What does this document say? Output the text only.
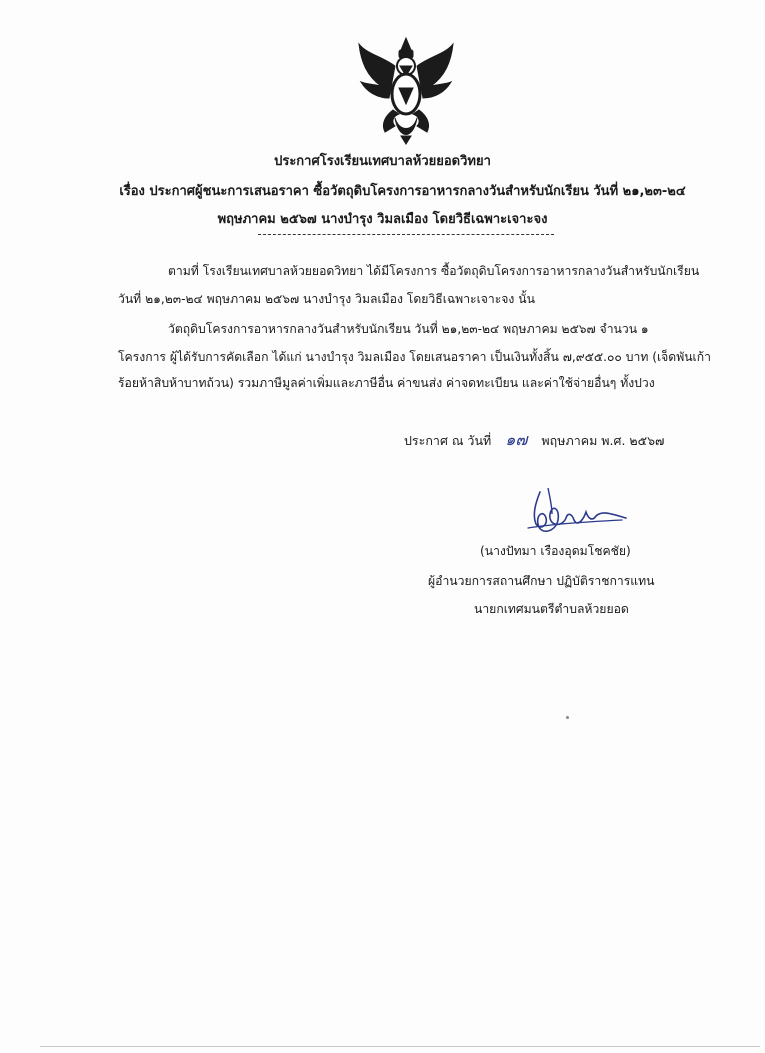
ประกาศโรงเรียนเทศบาลห้วยยอดวิทยา
เรื่อง ประกาศผู้ชนะการเสนอราคา ซื้อวัตถุดิบโครงการอาหารกลางวันสำหรับนักเรียน วันที่ ๒๑,๒๓-๒๔
พฤษภาคม ๒๕๖๗ นางบำรุง วิมลเมือง โดยวิธีเฉพาะเจาะจง
ตามที่ โรงเรียนเทศบาลห้วยยอดวิทยา ได้มีโครงการ ซื้อวัตถุดิบโครงการอาหารกลางวันสำหรับนักเรียน
วันที่ ๒๑,๒๓-๒๔ พฤษภาคม ๒๕๖๗ นางบำรุง วิมลเมือง โดยวิธีเฉพาะเจาะจง นั้น
วัตถุดิบโครงการอาหารกลางวันสำหรับนักเรียน วันที่ ๒๑,๒๓-๒๔ พฤษภาคม ๒๕๖๗ จำนวน ๑
โครงการ ผู้ได้รับการคัดเลือก ได้แก่ นางบำรุง วิมลเมือง โดยเสนอราคา เป็นเงินทั้งสิ้น ๗,๙๕๕.๐๐ บาท (เจ็ดพันเก้า
ร้อยห้าสิบห้าบาทถ้วน) รวมภาษีมูลค่าเพิ่มและภาษีอื่น ค่าขนส่ง ค่าจดทะเบียน และค่าใช้จ่ายอื่นๆ ทั้งปวง
ประกาศ ณ วันที่ ๑๗ พฤษภาคม พ.ศ. ๒๕๖๗
(นางปัทมา เรืองอุดมโชคชัย)
ผู้อำนวยการสถานศึกษา ปฏิบัติราชการแทน
นายกเทศมนตรีตำบลห้วยยอด
